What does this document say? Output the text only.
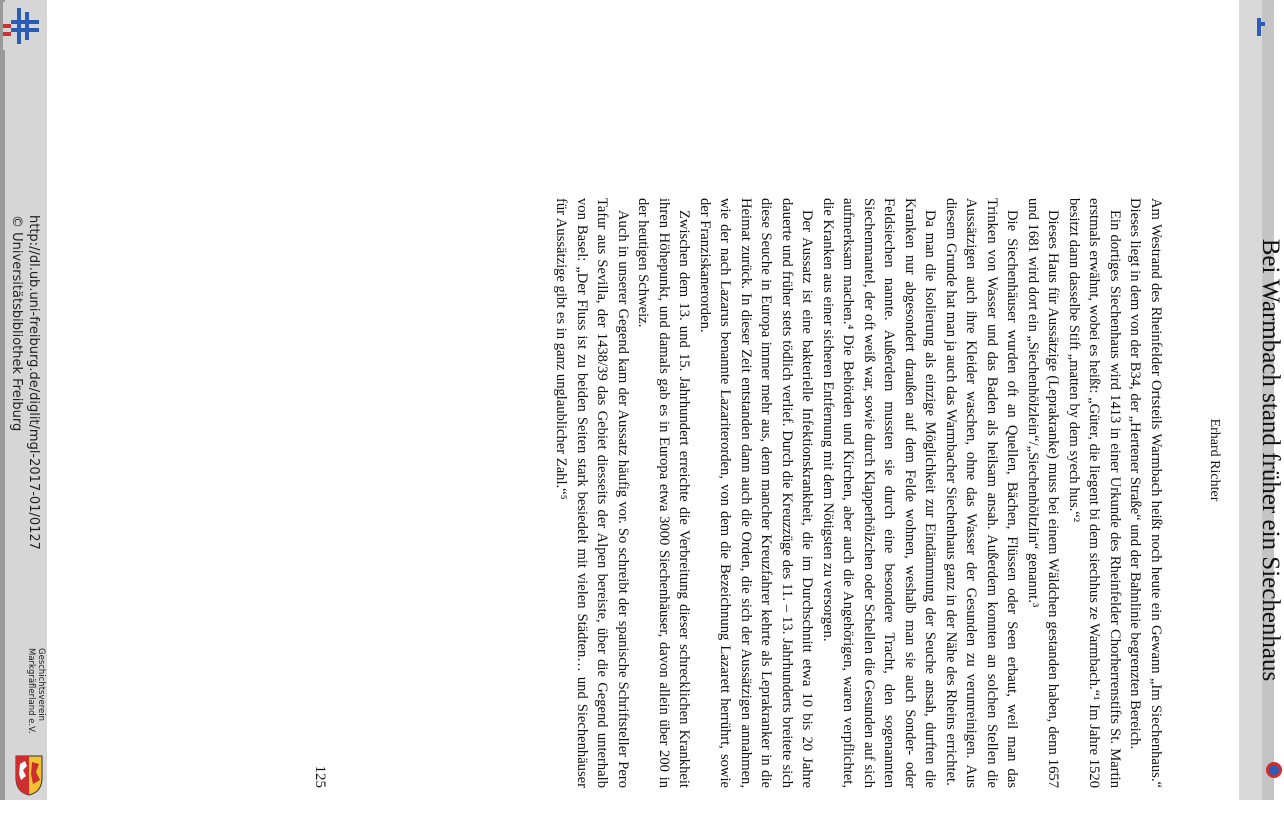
http://dl.ub.uni-freiburg.de/diglit/mgl-2017-01/0127
© Universitätsbibliothek Freiburg
Geschichtsverein
Markgräflerland e.V.
Bei Warmbach stand früher ein Siechenhaus
Erhard Richter

Am Westrand des Rheinfelder Ortsteils Warmbach heißt noch heute ein Gewann „Im Siechenhaus.“ Dieses liegt in dem von der B34, der „Hertener Straße“ und der Bahnlinie begrenzten Bereich.

Ein dortiges Siechenhaus wird 1413 in einer Urkunde des Rheinfelder Chorherrenstifts St. Martin erstmals erwähnt, wobei es heißt: „Güter, die liegent bi dem siechhus ze Warmbach.“¹ Im Jahre 1520 besitzt dann dasselbe Stift „matten by dem syech hus.“²

Dieses Haus für Aussätzige (Leprakranke) muss bei einem Wäldchen gestanden haben, denn 1657 und 1681 wird dort ein „Siechenhölzlein“/„Siechenhöltzlin“ genannt.³

Die Siechenhäuser wurden oft an Quellen, Bächen, Flüssen oder Seen erbaut, weil man das Trinken von Wasser und das Baden als heilsam ansah. Außerdem konnten an solchen Stellen die Aussätzigen auch ihre Kleider waschen, ohne das Wasser der Gesunden zu verunreinigen. Aus diesem Grunde hat man ja auch das Warmbacher Siechenhaus ganz in der Nähe des Rheins errichtet.

Da man die Isolierung als einzige Möglichkeit zur Eindämmung der Seuche ansah, durften die Kranken nur abgesondert draußen auf dem Felde wohnen, weshalb man sie auch Sonder- oder Feldsiechen nannte. Außerdem mussten sie durch eine besondere Tracht, den sogenannten Siechenmantel, der oft weiß war, sowie durch Klapperhölzchen oder Schellen die Gesunden auf sich aufmerksam machen.⁴ Die Behörden und Kirchen, aber auch die Angehörigen, waren verpflichtet, die Kranken aus einer sicheren Entfernung mit dem Nötigsten zu versorgen.

Der Aussatz ist eine bakterielle Infektionskrankheit, die im Durchschnitt etwa 10 bis 20 Jahre dauerte und früher stets tödlich verlief. Durch die Kreuzzüge des 11. – 13. Jahrhunderts breitete sich diese Seuche in Europa immer mehr aus, denn mancher Kreuzfahrer kehrte als Leprakranker in die Heimat zurück. In dieser Zeit entstanden dann auch die Orden, die sich der Aussätzigen annahmen, wie der nach Lazarus benannte Lazariterorden, von dem die Bezeichnung Lazarett herrührt, sowie der Franziskanerorden.

Zwischen dem 13. und 15. Jahrhundert erreichte die Verbreitung dieser schrecklichen Krankheit ihren Höhepunkt, und damals gab es in Europa etwa 3000 Siechenhäuser, davon allein über 200 in der heutigen Schweiz.

Auch in unserer Gegend kam der Aussatz häufig vor. So schreibt der spanische Schriftsteller Pero Tafur aus Sevilla, der 1438/39 das Gebiet diesseits der Alpen bereiste, über die Gegend unterhalb von Basel: „Der Fluss ist zu beiden Seiten stark besiedelt mit vielen Städten… und Siechenhäuser für Aussätzige gibt es in ganz unglaublicher Zahl.“⁵

125
